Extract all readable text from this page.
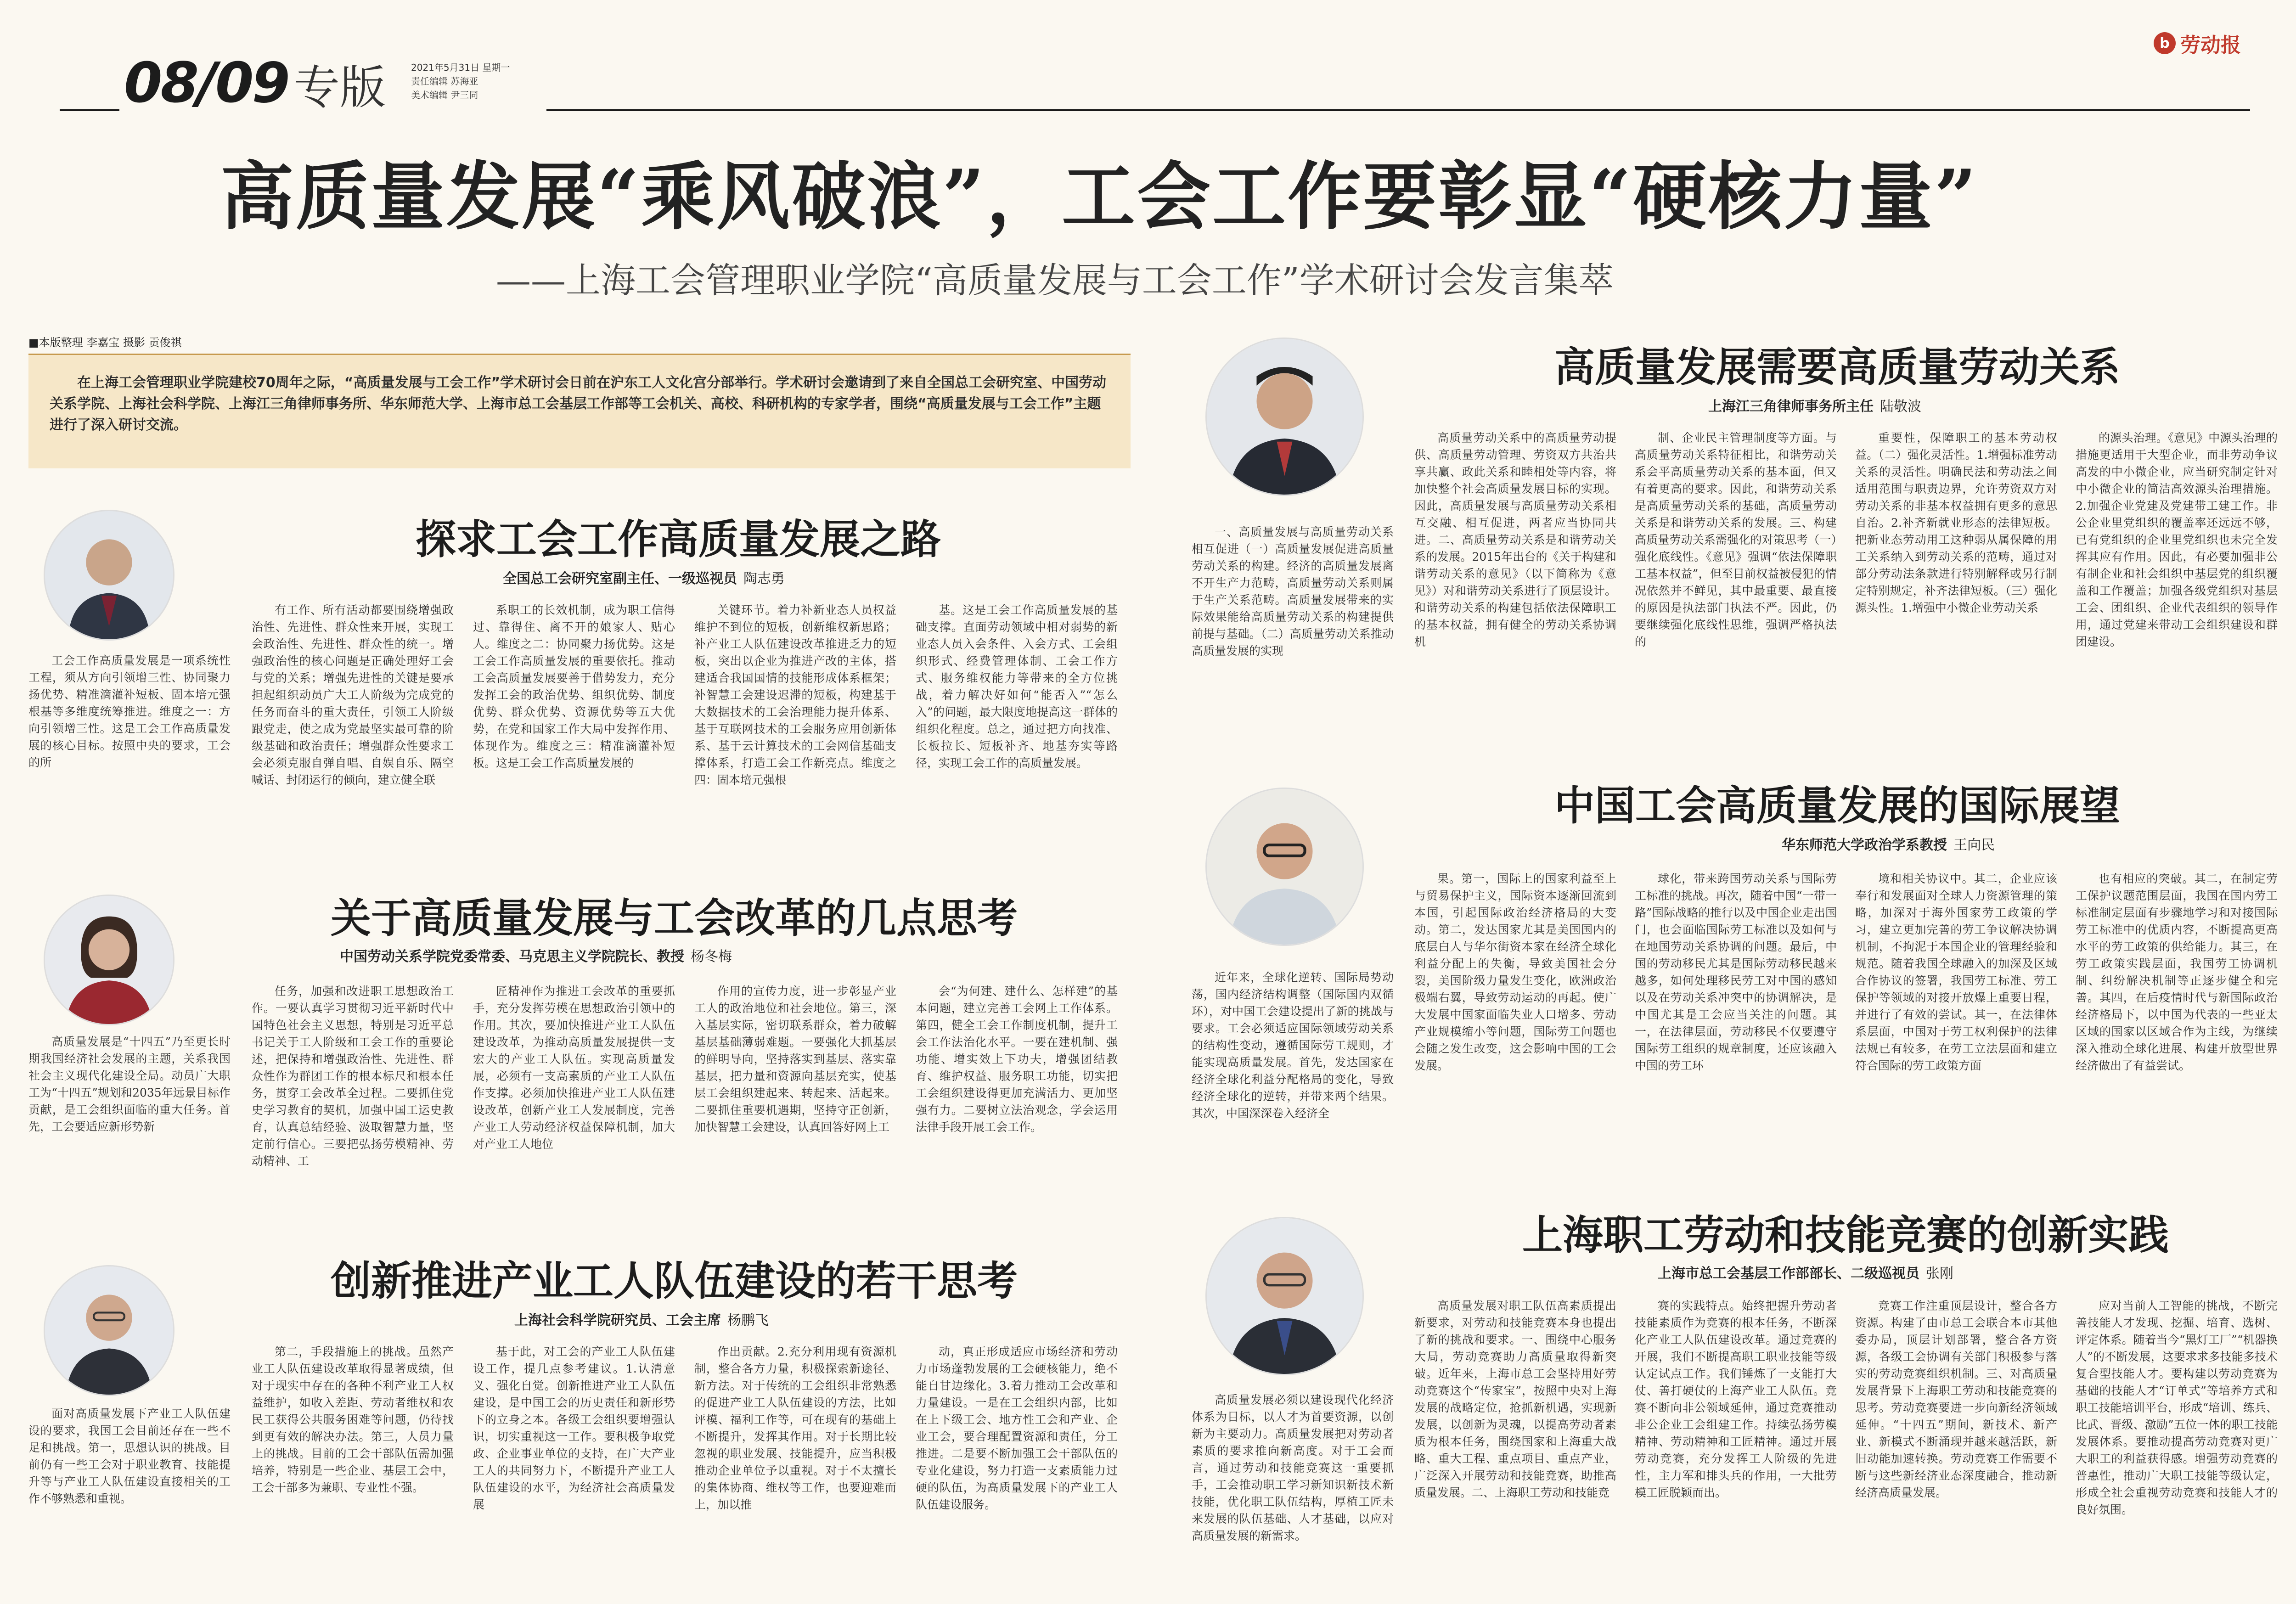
08/09 专版	2021年5月31日 星期一
责任编辑 苏海亚
美术编辑 尹三同
b 劳动报
高质量发展“乘风破浪”，工会工作要彰显“硬核力量”
——上海工会管理职业学院“高质量发展与工会工作”学术研讨会发言集萃
■本版整理 李嘉宝 摄影 贡俊祺
在上海工会管理职业学院建校70周年之际，“高质量发展与工会工作”学术研讨会日前在沪东工人文化宫分部举行。学术研讨会邀请到了来自全国总工会研究室、中国劳动关系学院、上海社会科学院、上海江三角律师事务所、华东师范大学、上海市总工会基层工作部等工会机关、高校、科研机构的专家学者，围绕“高质量发展与工会工作”主题进行了深入研讨交流。
探求工会工作高质量发展之路
全国总工会研究室副主任、一级巡视员 陶志勇

工会工作高质量发展是一项系统性工程，须从方向引领增三性、协同聚力扬优势、精准滴灌补短板、固本培元强根基等多维度统筹推进。维度之一：方向引领增三性。这是工会工作高质量发展的核心目标。按照中央的要求，工会的所

有工作、所有活动都要围绕增强政治性、先进性、群众性来开展，实现工会政治性、先进性、群众性的统一。增强政治性的核心问题是正确处理好工会与党的关系；增强先进性的关键是要承担起组织动员广大工人阶级为完成党的任务而奋斗的重大责任，引领工人阶级跟党走，使之成为党最坚实最可靠的阶级基础和政治责任；增强群众性要求工会必须克服自弹自唱、自娱自乐、隔空喊话、封闭运行的倾向，建立健全联

系职工的长效机制，成为职工信得过、靠得住、离不开的娘家人、贴心人。维度之二：协同聚力扬优势。这是工会工作高质量发展的重要依托。推动工会高质量发展要善于借势发力，充分发挥工会的政治优势、组织优势、制度优势、群众优势、资源优势等五大优势，在党和国家工作大局中发挥作用、体现作为。维度之三：精准滴灌补短板。这是工会工作高质量发展的

关键环节。着力补新业态人员权益维护不到位的短板，创新维权新思路；补产业工人队伍建设改革推进乏力的短板，突出以企业为推进产改的主体，搭建适合我国国情的技能形成体系框架；补智慧工会建设迟滞的短板，构建基于大数据技术的工会治理能力提升体系、基于互联网技术的工会服务应用创新体系、基于云计算技术的工会网信基础支撑体系，打造工会工作新亮点。维度之四：固本培元强根

基。这是工会工作高质量发展的基础支撑。直面劳动领域中相对弱势的新业态人员入会条件、入会方式、工会组织形式、经费管理体制、工会工作方式、服务维权能力等带来的全方位挑战，着力解决好如何“能否入”“怎么入”的问题，最大限度地提高这一群体的组织化程度。总之，通过把方向找准、长板拉长、短板补齐、地基夯实等路径，实现工会工作的高质量发展。

关于高质量发展与工会改革的几点思考
中国劳动关系学院党委常委、马克思主义学院院长、教授 杨冬梅

高质量发展是“十四五”乃至更长时期我国经济社会发展的主题，关系我国社会主义现代化建设全局。动员广大职工为“十四五”规划和2035年远景目标作贡献，是工会组织面临的重大任务。首先，工会要适应新形势新

任务，加强和改进职工思想政治工作。一要认真学习贯彻习近平新时代中国特色社会主义思想，特别是习近平总书记关于工人阶级和工会工作的重要论述，把保持和增强政治性、先进性、群众性作为群团工作的根本标尺和根本任务，贯穿工会改革全过程。二要抓住党史学习教育的契机，加强中国工运史教育，认真总结经验、汲取智慧力量，坚定前行信心。三要把弘扬劳模精神、劳动精神、工

匠精神作为推进工会改革的重要抓手，充分发挥劳模在思想政治引领中的作用。其次，要加快推进产业工人队伍建设改革，为推动高质量发展提供一支宏大的产业工人队伍。实现高质量发展，必须有一支高素质的产业工人队伍作支撑。必须加快推进产业工人队伍建设改革，创新产业工人发展制度，完善产业工人劳动经济权益保障机制，加大对产业工人地位

作用的宣传力度，进一步彰显产业工人的政治地位和社会地位。第三，深入基层实际，密切联系群众，着力破解基层基础薄弱难题。一要强化大抓基层的鲜明导向，坚持落实到基层、落实靠基层，把力量和资源向基层充实，使基层工会组织建起来、转起来、活起来。二要抓住重要机遇期，坚持守正创新，加快智慧工会建设，认真回答好网上工

会“为何建、建什么、怎样建”的基本问题，建立完善工会网上工作体系。第四，健全工会工作制度机制，提升工会工作法治化水平。一要在建机制、强功能、增实效上下功夫，增强团结教育、维护权益、服务职工功能，切实把工会组织建设得更加充满活力、更加坚强有力。二要树立法治观念，学会运用法律手段开展工会工作。

创新推进产业工人队伍建设的若干思考
上海社会科学院研究员、工会主席 杨鹏飞

面对高质量发展下产业工人队伍建设的要求，我国工会目前还存在一些不足和挑战。第一，思想认识的挑战。目前仍有一些工会对于职业教育、技能提升等与产业工人队伍建设直接相关的工作不够熟悉和重视。

第二，手段措施上的挑战。虽然产业工人队伍建设改革取得显著成绩，但对于现实中存在的各种不利产业工人权益维护，如收入差距、劳动者维权和农民工获得公共服务困难等问题，仍待找到更有效的解决办法。第三，人员力量上的挑战。目前的工会干部队伍需加强培养，特别是一些企业、基层工会中，工会干部多为兼职、专业性不强。

基于此，对工会的产业工人队伍建设工作，提几点参考建议。1.认清意义、强化自觉。创新推进产业工人队伍建设，是中国工会的历史责任和新形势下的立身之本。各级工会组织要增强认识，切实重视这一工作。要积极争取党政、企业事业单位的支持，在广大产业工人的共同努力下，不断提升产业工人队伍建设的水平，为经济社会高质量发展

作出贡献。2.充分利用现有资源机制，整合各方力量，积极探索新途径、新方法。对于传统的工会组织非常熟悉的促进产业工人队伍建设的方法，比如评模、福利工作等，可在现有的基础上不断提升，发挥其作用。对于长期比较忽视的职业发展、技能提升，应当积极推动企业单位予以重视。对于不太擅长的集体协商、维权等工作，也要迎难而上，加以推

动，真正形成适应市场经济和劳动力市场蓬勃发展的工会硬核能力，绝不能自甘边缘化。3.着力推动工会改革和力量建设。一是在工会组织内部，比如在上下级工会、地方性工会和产业、企业工会，要合理配置资源和责任，分工推进。二是要不断加强工会干部队伍的专业化建设，努力打造一支素质能力过硬的队伍，为高质量发展下的产业工人队伍建设服务。

高质量发展需要高质量劳动关系
上海江三角律师事务所主任 陆敬波

一、高质量发展与高质量劳动关系相互促进（一）高质量发展促进高质量劳动关系的构建。经济的高质量发展离不开生产力范畴，高质量劳动关系则属于生产关系范畴。高质量发展带来的实际效果能给高质量劳动关系的构建提供前提与基础。（二）高质量劳动关系推动高质量发展的实现

高质量劳动关系中的高质量劳动提供、高质量劳动管理、劳资双方共治共享共赢、政此关系和睦相处等内容，将加快整个社会高质量发展目标的实现。因此，高质量发展与高质量劳动关系相互交融、相互促进，两者应当协同共进。二、高质量劳动关系是和谐劳动关系的发展。2015年出台的《关于构建和谐劳动关系的意见》（以下简称为《意见》）对和谐劳动关系进行了顶层设计。和谐劳动关系的构建包括依法保障职工的基本权益，拥有健全的劳动关系协调机

制、企业民主管理制度等方面。与高质量劳动关系特征相比，和谐劳动关系会平高质量劳动关系的基本面，但又有着更高的要求。因此，和谐劳动关系是高质量劳动关系的基础，高质量劳动关系是和谐劳动关系的发展。三、构建高质量劳动关系需强化的对策思考（一）强化底线性。《意见》强调“依法保障职工基本权益”，但至目前权益被侵犯的情况依然并不鲜见，其中最重要、最直接的原因是执法部门执法不严。因此，仍要继续强化底线性思维，强调严格执法的

重要性，保障职工的基本劳动权益。（二）强化灵活性。1.增强标准劳动关系的灵活性。明确民法和劳动法之间适用范围与职责边界，允许劳资双方对劳动关系的非基本权益拥有更多的意思自治。2.补齐新就业形态的法律短板。把新业态劳动用工这种弱从属保障的用工关系纳入到劳动关系的范畴，通过对部分劳动法条款进行特别解释或另行制定特别规定，补齐法律短板。（三）强化源头性。1.增强中小微企业劳动关系

的源头治理。《意见》中源头治理的措施更适用于大型企业，而非劳动争议高发的中小微企业，应当研究制定针对中小微企业的简洁高效源头治理措施。2.加强企业党建及党建带工建工作。非公企业里党组织的覆盖率还远远不够，已有党组织的企业里党组织也未完全发挥其应有作用。因此，有必要加强非公有制企业和社会组织中基层党的组织覆盖和工作覆盖；加强各级党组织对基层工会、团组织、企业代表组织的领导作用，通过党建来带动工会组织建设和群团建设。

中国工会高质量发展的国际展望
华东师范大学政治学系教授 王向民

近年来，全球化逆转、国际局势动荡，国内经济结构调整（国际国内双循环），对中国工会建设提出了新的挑战与要求。工会必须适应国际领域劳动关系的结构性变动，遵循国际劳工规则，才能实现高质量发展。首先，发达国家在经济全球化利益分配格局的变化，导致经济全球化的逆转，并带来两个结果。其次，中国深深卷入经济全

果。第一，国际上的国家利益至上与贸易保护主义，国际资本逐渐回流到本国，引起国际政治经济格局的大变动。第二，发达国家尤其是美国国内的底层白人与华尔街资本家在经济全球化利益分配上的失衡，导致美国社会分裂，美国阶级力量发生变化，欧洲政治极端右翼，导致劳动运动的再起。使广大发展中国家面临失业人口增多、劳动产业规模缩小等问题，国际劳工问题也会随之发生改变，这会影响中国的工会发展。

球化，带来跨国劳动关系与国际劳工标准的挑战。再次，随着中国“一带一路”国际战略的推行以及中国企业走出国门，也会面临国际劳工标准以及如何与在地国劳动关系协调的问题。最后，中国的劳动移民尤其是国际劳动移民越来越多，如何处理移民劳工对中国的感知以及在劳动关系冲突中的协调解决，是中国尤其是工会应当关注的问题。其一，在法律层面，劳动移民不仅要遵守国际劳工组织的规章制度，还应该融入中国的劳工环

境和相关协议中。其二，企业应该奉行和发展面对全球人力资源管理的策略，加深对于海外国家劳工政策的学习，建立更加完善的劳工争议解决协调机制，不拘泥于本国企业的管理经验和规范。随着我国全球融入的加深及区域合作协议的签署，我国劳工标准、劳工保护等领域的对接开放爆上重要日程，并进行了有效的尝试。其一，在法律体系层面，中国对于劳工权利保护的法律法规已有较多，在劳工立法层面和建立符合国际的劳工政策方面

也有相应的突破。其二，在制定劳工保护议题范围层面，我国在国内劳工标准制定层面有步骤地学习和对接国际劳工标准中的优质内容，不断提高更高水平的劳工政策的供给能力。其三，在劳工政策实践层面，我国劳工协调机制、纠纷解决机制等正逐步健全和完善。其四，在后疫情时代与新国际政治经济格局下，以中国为代表的一些亚太区域的国家以区域合作为主线，为继续深入推动全球化进展、构建开放型世界经济做出了有益尝试。

上海职工劳动和技能竞赛的创新实践
上海市总工会基层工作部部长、二级巡视员 张刚

高质量发展必须以建设现代化经济体系为目标，以人才为首要资源，以创新为主要动力。高质量发展把对劳动者素质的要求推向新高度。对于工会而言，通过劳动和技能竞赛这一重要抓手，工会推动职工学习新知识新技术新技能，优化职工队伍结构，厚植工匠未来发展的队伍基础、人才基础，以应对高质量发展的新需求。

高质量发展对职工队伍高素质提出新要求，对劳动和技能竞赛本身也提出了新的挑战和要求。一、围绕中心服务大局，劳动竞赛助力高质量取得新突破。近年来，上海市总工会坚持用好劳动竞赛这个“传家宝”，按照中央对上海发展的战略定位，抢抓新机遇，实现新发展，以创新为灵魂，以提高劳动者素质为根本任务，围绕国家和上海重大战略、重大工程、重点项目、重点产业，广泛深入开展劳动和技能竞赛，助推高质量发展。二、上海职工劳动和技能竞

赛的实践特点。始终把握升劳动者技能素质作为竞赛的根本任务，不断深化产业工人队伍建设改革。通过竞赛的开展，我们不断提高职工职业技能等级认定试点工作。我们锤炼了一支能打大仗、善打硬仗的上海产业工人队伍。竞赛不断向非公领域延伸，通过竞赛推动非公企业工会组建工作。持续弘扬劳模精神、劳动精神和工匠精神。通过开展劳动竞赛，充分发挥工人阶级的先进性，主力军和排头兵的作用，一大批劳模工匠脱颖而出。

竞赛工作注重顶层设计，整合各方资源。构建了由市总工会联合本市其他委办局，顶层计划部署，整合各方资源，各级工会协调有关部门积极参与落实的劳动竞赛组织机制。三、对高质量发展背景下上海职工劳动和技能竞赛的思考。劳动竞赛要进一步向新经济领域延伸。“十四五”期间，新技术、新产业、新模式不断涌现并越来越活跃，新旧动能加速转换。劳动竞赛工作需要不断与这些新经济业态深度融合，推动新经济高质量发展。

应对当前人工智能的挑战，不断完善技能人才发现、挖掘、培育、选树、评定体系。随着当今“黑灯工厂”“机器换人”的不断发展，这要求求多技能多技术复合型技能人才。要构建以劳动竞赛为基础的技能人才“订单式”等培养方式和职工技能培训平台，形成“培训、练兵、比武、晋级、激励”五位一体的职工技能发展体系。要推动提高劳动竞赛对更广大职工的利益获得感。增强劳动竞赛的普惠性，推动广大职工技能等级认定，形成全社会重视劳动竞赛和技能人才的良好氛围。
